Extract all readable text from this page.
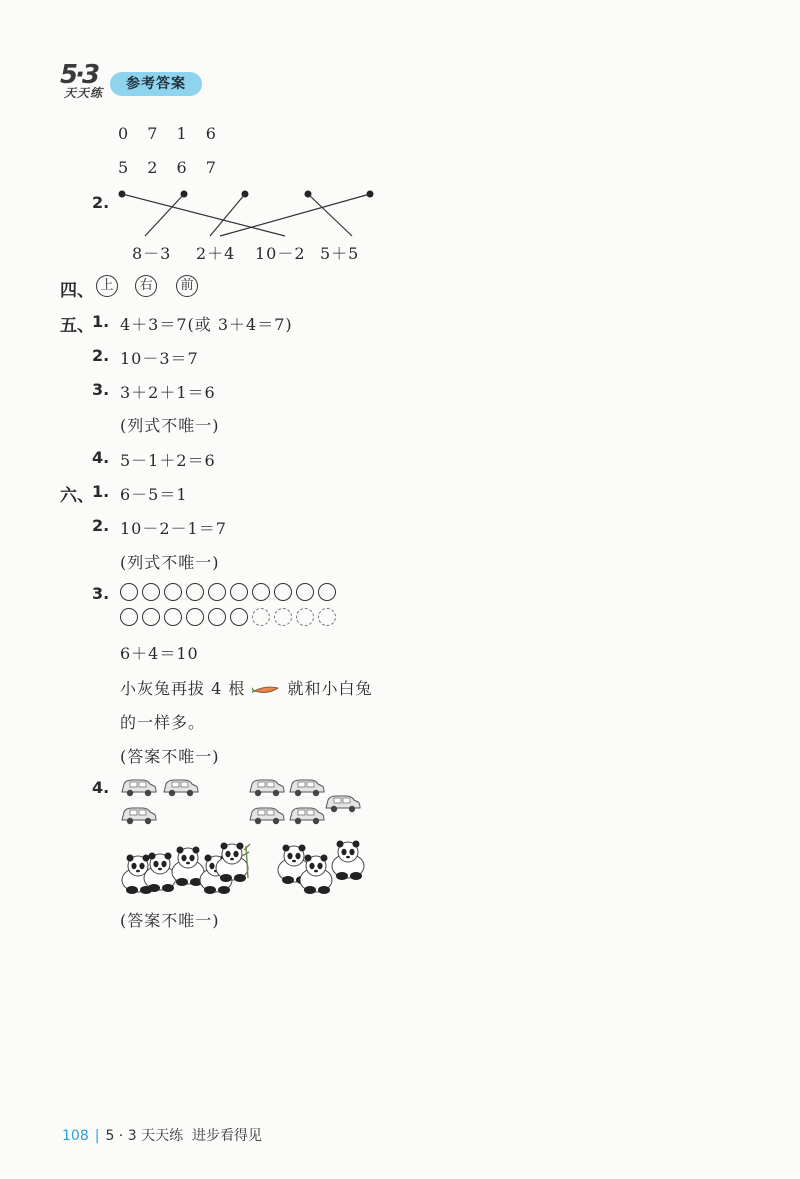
5·3
天天练
参考答案
0 7 1 6
5 2 6 7
2.
8－3 2＋4 10－2 5＋5
四、 上 右 前
五、
1. 4＋3＝7(或 3＋4＝7)
2. 10－3＝7
3. 3＋2＋1＝6
(列式不唯一)
4. 5－1＋2＝6
六、
1. 6－5＝1
2. 10－2－1＝7
(列式不唯一)
3.
6＋4＝10
小灰兔再拔 4 根	就和小白兔
的一样多。
(答案不唯一)
4.
(答案不唯一)
108 | 5 · 3 天天练 进步看得见
